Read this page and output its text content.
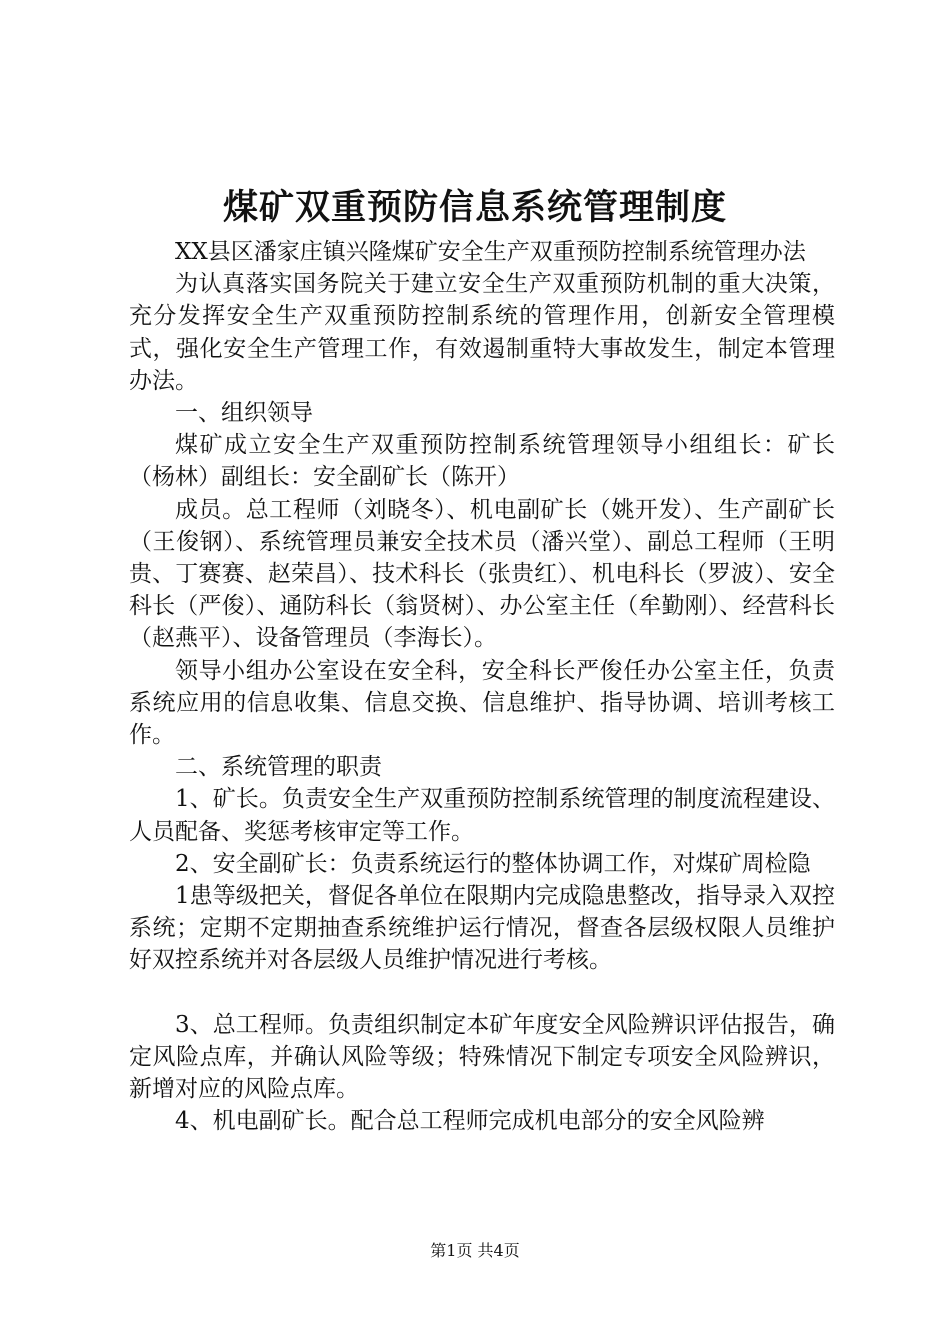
煤矿双重预防信息系统管理制度

XX县区潘家庄镇兴隆煤矿安全生产双重预防控制系统管理办法

为认真落实国务院关于建立安全生产双重预防机制的重大决策，充分发挥安全生产双重预防控制系统的管理作用，创新安全管理模式，强化安全生产管理工作，有效遏制重特大事故发生，制定本管理办法。

一、组织领导

煤矿成立安全生产双重预防控制系统管理领导小组组长：矿长（杨林）副组长：安全副矿长（陈开）

成员。总工程师（刘晓冬）、机电副矿长（姚开发）、生产副矿长（王俊钢）、系统管理员兼安全技术员（潘兴堂）、副总工程师（王明贵、丁赛赛、赵荣昌）、技术科长（张贵红）、机电科长（罗波）、安全科长（严俊）、通防科长（翁贤树）、办公室主任（牟勤刚）、经营科长（赵燕平）、设备管理员（李海长）。

领导小组办公室设在安全科，安全科长严俊任办公室主任，负责系统应用的信息收集、信息交换、信息维护、指导协调、培训考核工作。

二、系统管理的职责

1、矿长。负责安全生产双重预防控制系统管理的制度流程建设、人员配备、奖惩考核审定等工作。

2、安全副矿长：负责系统运行的整体协调工作，对煤矿周检隐

1患等级把关，督促各单位在限期内完成隐患整改，指导录入双控系统；定期不定期抽查系统维护运行情况，督查各层级权限人员维护好双控系统并对各层级人员维护情况进行考核。

3、总工程师。负责组织制定本矿年度安全风险辨识评估报告，确定风险点库，并确认风险等级；特殊情况下制定专项安全风险辨识，新增对应的风险点库。

4、机电副矿长。配合总工程师完成机电部分的安全风险辨

第1页 共4页
